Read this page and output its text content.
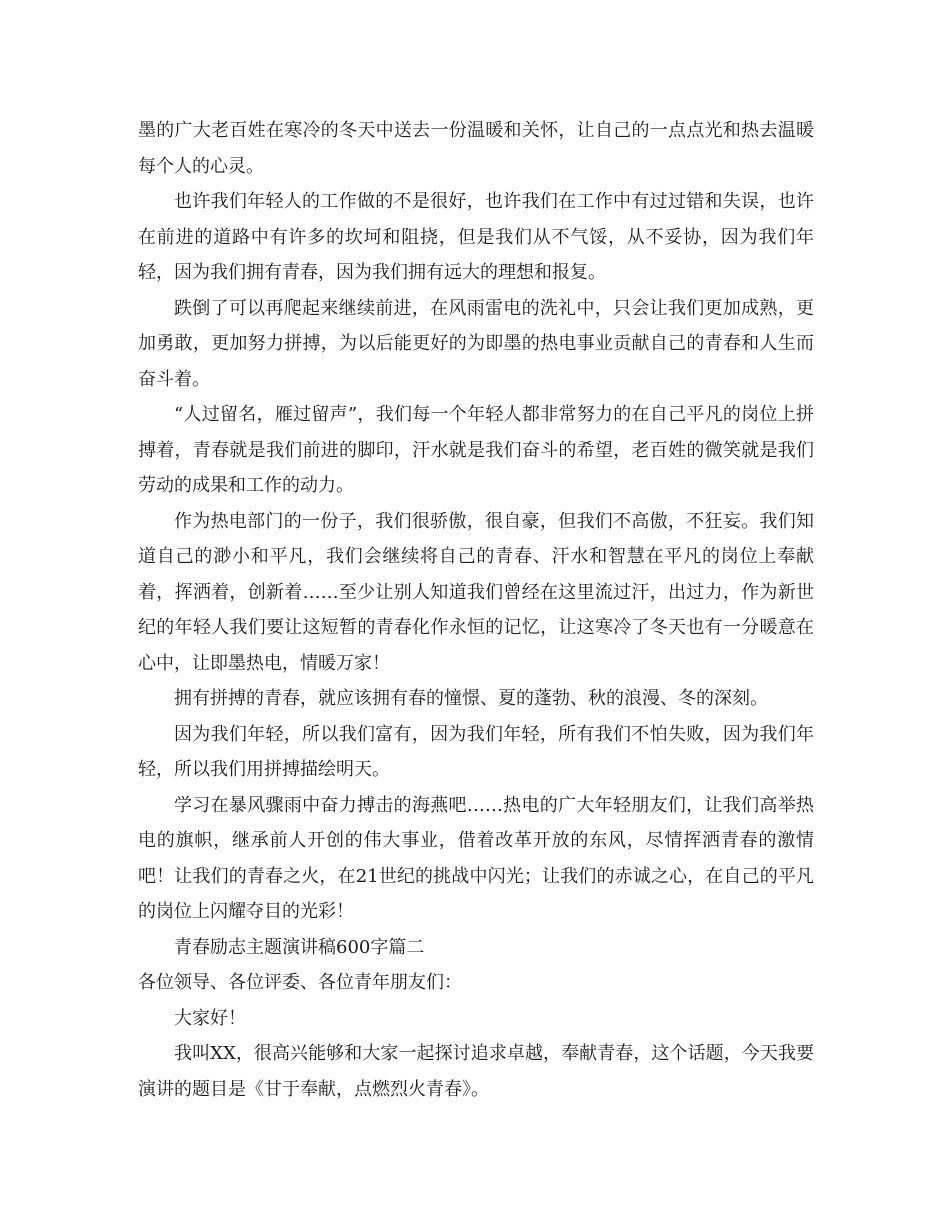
墨的广大老百姓在寒冷的冬天中送去一份温暖和关怀，让自己的一点点光和热去温暖每个人的心灵。

也许我们年轻人的工作做的不是很好，也许我们在工作中有过过错和失误，也许在前进的道路中有许多的坎坷和阻挠，但是我们从不气馁，从不妥协，因为我们年轻，因为我们拥有青春，因为我们拥有远大的理想和报复。

跌倒了可以再爬起来继续前进，在风雨雷电的洗礼中，只会让我们更加成熟，更加勇敢，更加努力拼搏，为以后能更好的为即墨的热电事业贡献自己的青春和人生而奋斗着。

“人过留名，雁过留声”，我们每一个年轻人都非常努力的在自己平凡的岗位上拼搏着，青春就是我们前进的脚印，汗水就是我们奋斗的希望，老百姓的微笑就是我们劳动的成果和工作的动力。

作为热电部门的一份子，我们很骄傲，很自豪，但我们不高傲，不狂妄。我们知道自己的渺小和平凡，我们会继续将自己的青春、汗水和智慧在平凡的岗位上奉献着，挥洒着，创新着……至少让别人知道我们曾经在这里流过汗，出过力，作为新世纪的年轻人我们要让这短暂的青春化作永恒的记忆，让这寒冷了冬天也有一分暖意在心中，让即墨热电，情暖万家！

拥有拼搏的青春，就应该拥有春的憧憬、夏的蓬勃、秋的浪漫、冬的深刻。

因为我们年轻，所以我们富有，因为我们年轻，所有我们不怕失败，因为我们年轻，所以我们用拼搏描绘明天。

学习在暴风骤雨中奋力搏击的海燕吧……热电的广大年轻朋友们，让我们高举热电的旗帜，继承前人开创的伟大事业，借着改革开放的东风，尽情挥洒青春的激情吧！让我们的青春之火，在21世纪的挑战中闪光；让我们的赤诚之心，在自己的平凡的岗位上闪耀夺目的光彩！

青春励志主题演讲稿600字篇二

各位领导、各位评委、各位青年朋友们：

大家好！

我叫XX，很高兴能够和大家一起探讨追求卓越，奉献青春，这个话题，今天我要演讲的题目是《甘于奉献，点燃烈火青春》。
